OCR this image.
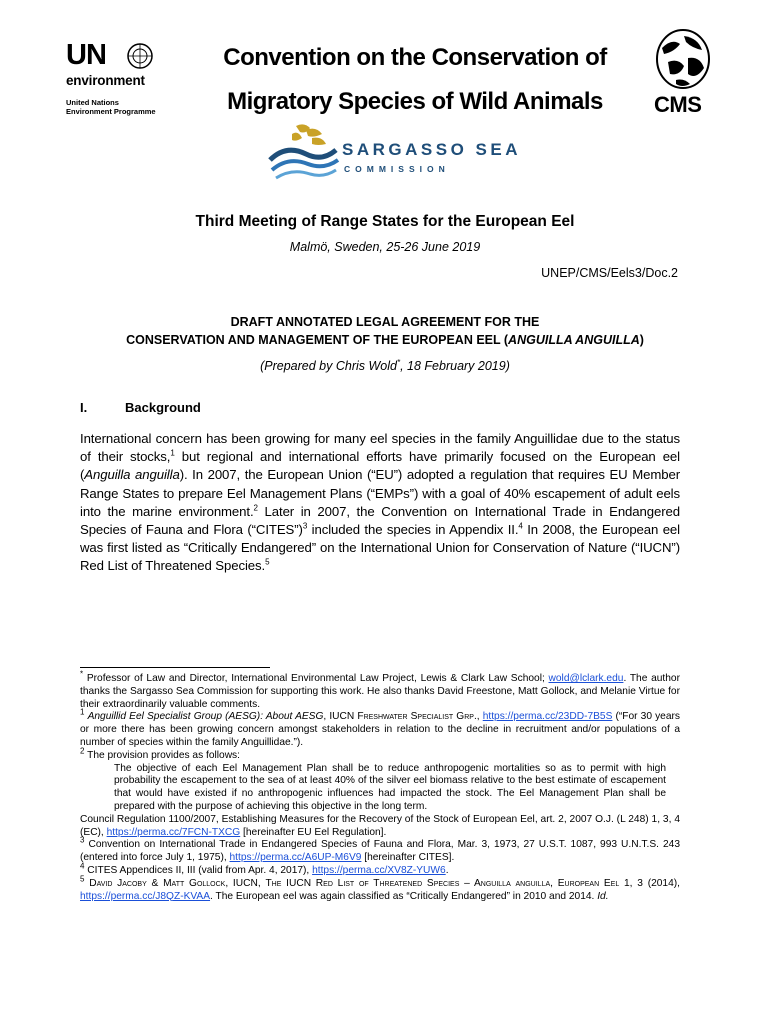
UN
environment
United Nations
Environment Programme
Convention on the Conservation of
Migratory Species of Wild Animals	CMS
SARGASSO SEA
COMMISSION
Third Meeting of Range States for the European Eel
Malmö, Sweden, 25-26 June 2019
UNEP/CMS/Eels3/Doc.2
DRAFT ANNOTATED LEGAL AGREEMENT FOR THE
CONSERVATION AND MANAGEMENT OF THE EUROPEAN EEL (ANGUILLA ANGUILLA)
(Prepared by Chris Wold*, 18 February 2019)
I.	Background
International concern has been growing for many eel species in the family Anguillidae due to the status of their stocks,$^1$ but regional and international efforts have primarily focused on the European eel (Anguilla anguilla). In 2007, the European Union (“EU”) adopted a regulation that requires EU Member Range States to prepare Eel Management Plans (“EMPs”) with a goal of 40% escapement of adult eels into the marine environment.$^2$ Later in 2007, the Convention on International Trade in Endangered Species of Fauna and Flora (“CITES”)$^3$ included the species in Appendix II.$^4$ In 2008, the European eel was first listed as “Critically Endangered” on the International Union for Conservation of Nature (“IUCN”) Red List of Threatened Species.$^5$

* Professor of Law and Director, International Environmental Law Project, Lewis & Clark Law School; wold@lclark.edu. The author thanks the Sargasso Sea Commission for supporting this work. He also thanks David Freestone, Matt Gollock, and Melanie Virtue for their extraordinarily valuable comments.

$^1$ Anguillid Eel Specialist Group (AESG): About AESG, IUCN Freshwater Specialist Grp., https://perma.cc/23DD-7B5S (“For 30 years or more there has been growing concern amongst stakeholders in relation to the decline in recruitment and/or populations of a number of species within the family Anguillidae.”).

$^2$ The provision provides as follows:

The objective of each Eel Management Plan shall be to reduce anthropogenic mortalities so as to permit with high probability the escapement to the sea of at least 40% of the silver eel biomass relative to the best estimate of escapement that would have existed if no anthropogenic influences had impacted the stock. The Eel Management Plan shall be prepared with the purpose of achieving this objective in the long term.

Council Regulation 1100/2007, Establishing Measures for the Recovery of the Stock of European Eel, art. 2, 2007 O.J. (L 248) 1, 3, 4 (EC), https://perma.cc/7FCN-TXCG [hereinafter EU Eel Regulation].

$^3$ Convention on International Trade in Endangered Species of Fauna and Flora, Mar. 3, 1973, 27 U.S.T. 1087, 993 U.N.T.S. 243 (entered into force July 1, 1975), https://perma.cc/A6UP-M6V9 [hereinafter CITES].

$^4$ CITES Appendices II, III (valid from Apr. 4, 2017), https://perma.cc/XV8Z-YUW6.

$^5$ David Jacoby & Matt Gollock, IUCN, The IUCN Red List of Threatened Species – Anguilla anguilla, European Eel 1, 3 (2014), https://perma.cc/J8QZ-KVAA. The European eel was again classified as “Critically Endangered” in 2010 and 2014. Id.
